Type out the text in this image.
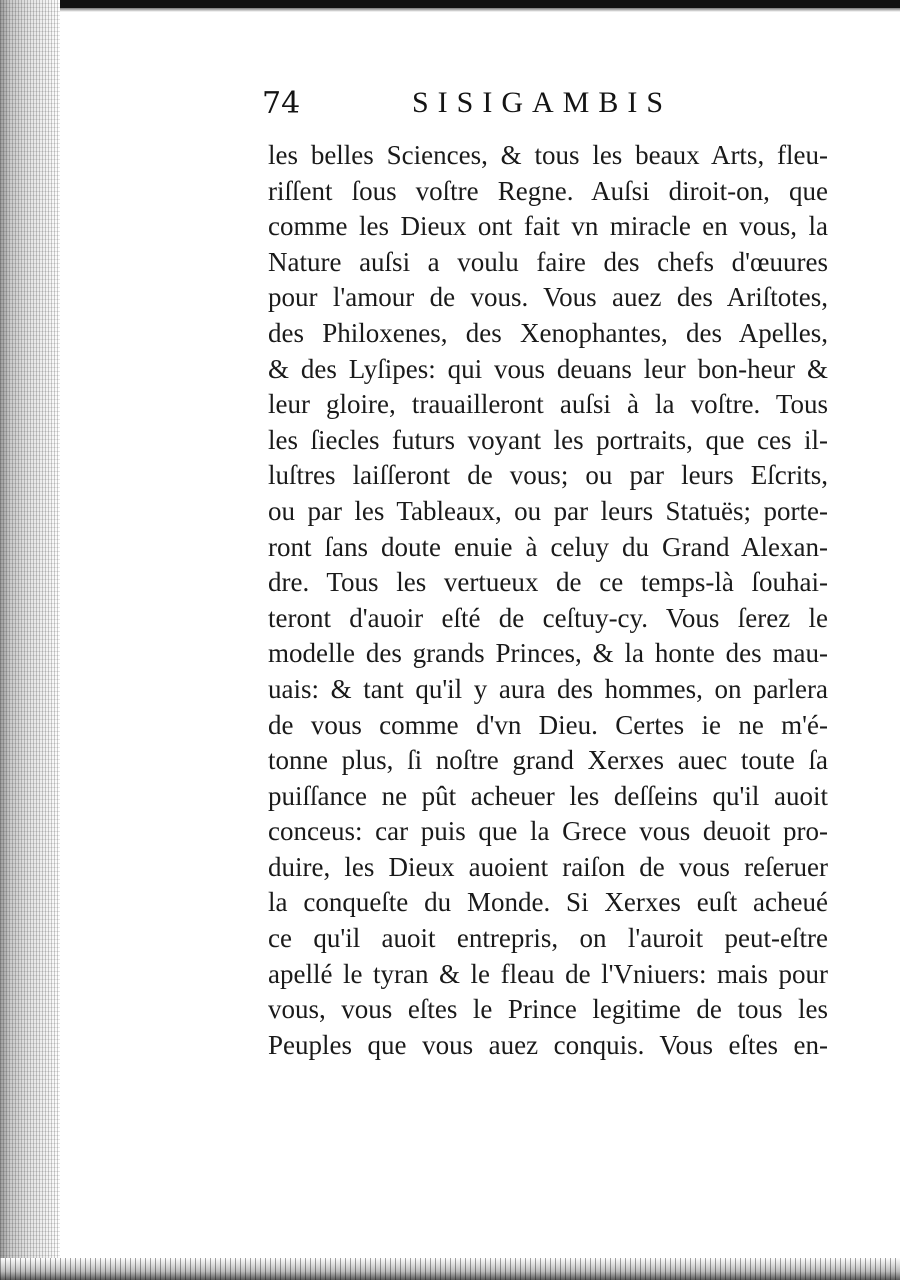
74	SISIGAMBIS
les belles Sciences, & tous les beaux Arts, fleu-
riſſent ſous voſtre Regne. Auſsi diroit-on, que
comme les Dieux ont fait vn miracle en vous, la
Nature auſsi a voulu faire des chefs d'œuures
pour l'amour de vous. Vous auez des Ariſtotes,
des Philoxenes, des Xenophantes, des Apelles,
& des Lyſipes: qui vous deuans leur bon-heur &
leur gloire, trauailleront auſsi à la voſtre. Tous
les ſiecles futurs voyant les portraits, que ces il-
luſtres laiſſeront de vous; ou par leurs Eſcrits,
ou par les Tableaux, ou par leurs Statuës; porte-
ront ſans doute enuie à celuy du Grand Alexan-
dre. Tous les vertueux de ce temps-là ſouhai-
teront d'auoir eſté de ceſtuy-cy. Vous ſerez le
modelle des grands Princes, & la honte des mau-
uais: & tant qu'il y aura des hommes, on parlera
de vous comme d'vn Dieu. Certes ie ne m'é-
tonne plus, ſi noſtre grand Xerxes auec toute ſa
puiſſance ne pût acheuer les deſſeins qu'il auoit
conceus: car puis que la Grece vous deuoit pro-
duire, les Dieux auoient raiſon de vous reſeruer
la conqueſte du Monde. Si Xerxes euſt acheué
ce qu'il auoit entrepris, on l'auroit peut-eſtre
apellé le tyran & le fleau de l'Vniuers: mais pour
vous, vous eſtes le Prince legitime de tous les
Peuples que vous auez conquis. Vous eſtes en-
